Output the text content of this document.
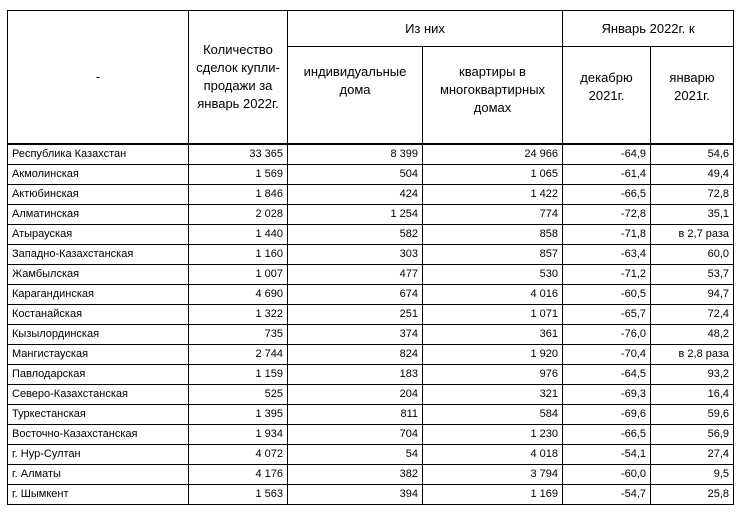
-	Количество сделок купли-продажи за январь 2022г.	Из них		Январь 2022г. к	
		индивидуальные дома	квартиры в многоквартирных домах	декабрю 2021г.	январю 2021г.
Республика Казахстан	33 365	8 399	24 966	-64,9	54,6
Акмолинская	1 569	504	1 065	-61,4	49,4
Актюбинская	1 846	424	1 422	-66,5	72,8
Алматинская	2 028	1 254	774	-72,8	35,1
Атырауская	1 440	582	858	-71,8	в 2,7 раза
Западно-Казахстанская	1 160	303	857	-63,4	60,0
Жамбылская	1 007	477	530	-71,2	53,7
Карагандинская	4 690	674	4 016	-60,5	94,7
Костанайская	1 322	251	1 071	-65,7	72,4
Кызылординская	735	374	361	-76,0	48,2
Мангистауская	2 744	824	1 920	-70,4	в 2,8 раза
Павлодарская	1 159	183	976	-64,5	93,2
Северо-Казахстанская	525	204	321	-69,3	16,4
Туркестанская	1 395	811	584	-69,6	59,6
Восточно-Казахстанская	1 934	704	1 230	-66,5	56,9
г. Нур-Султан	4 072	54	4 018	-54,1	27,4
г. Алматы	4 176	382	3 794	-60,0	9,5
г. Шымкент	1 563	394	1 169	-54,7	25,8
